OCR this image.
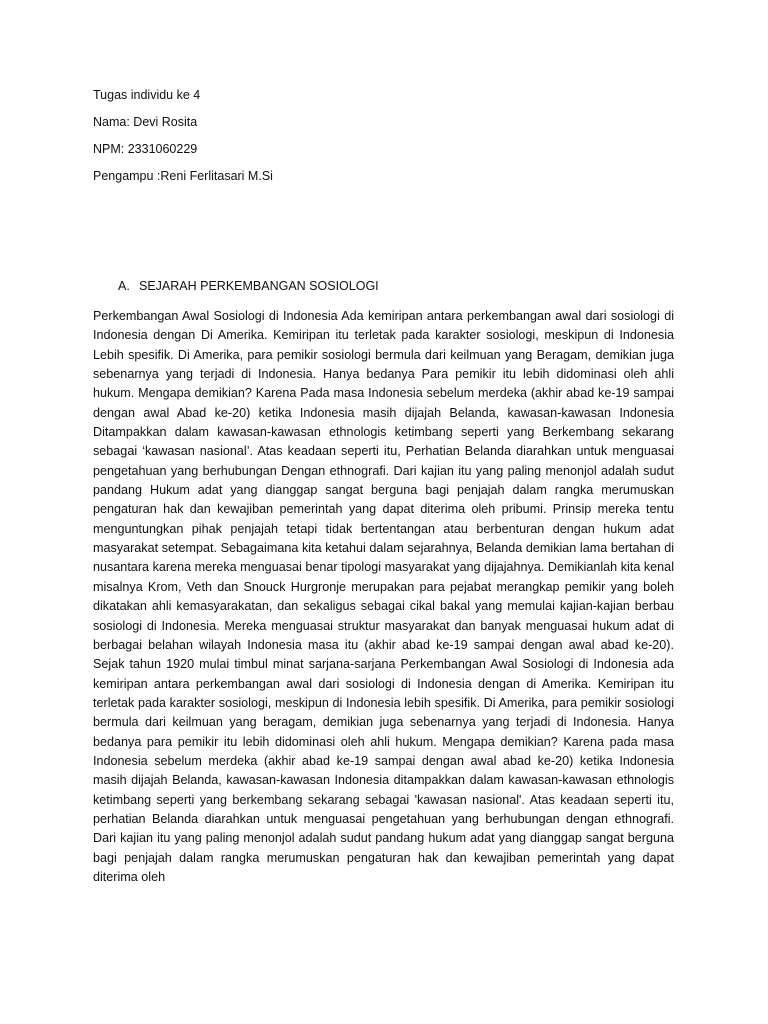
Tugas individu ke 4
Nama: Devi Rosita
NPM: 2331060229
Pengampu :Reni Ferlitasari M.Si
A. SEJARAH PERKEMBANGAN SOSIOLOGI

Perkembangan Awal Sosiologi di Indonesia Ada kemiripan antara perkembangan awal dari sosiologi di Indonesia dengan Di Amerika. Kemiripan itu terletak pada karakter sosiologi, meskipun di Indonesia Lebih spesifik. Di Amerika, para pemikir sosiologi bermula dari keilmuan yang Beragam, demikian juga sebenarnya yang terjadi di Indonesia. Hanya bedanya Para pemikir itu lebih didominasi oleh ahli hukum. Mengapa demikian? Karena Pada masa Indonesia sebelum merdeka (akhir abad ke-19 sampai dengan awal Abad ke-20) ketika Indonesia masih dijajah Belanda, kawasan-kawasan Indonesia Ditampakkan dalam kawasan-kawasan ethnologis ketimbang seperti yang Berkembang sekarang sebagai ‘kawasan nasional’. Atas keadaan seperti itu, Perhatian Belanda diarahkan untuk menguasai pengetahuan yang berhubungan Dengan ethnografi. Dari kajian itu yang paling menonjol adalah sudut pandang Hukum adat yang dianggap sangat berguna bagi penjajah dalam rangka merumuskan pengaturan hak dan kewajiban pemerintah yang dapat diterima oleh pribumi. Prinsip mereka tentu menguntungkan pihak penjajah tetapi tidak bertentangan atau berbenturan dengan hukum adat masyarakat setempat. Sebagaimana kita ketahui dalam sejarahnya, Belanda demikian lama bertahan di nusantara karena mereka menguasai benar tipologi masyarakat yang dijajahnya. Demikianlah kita kenal misalnya Krom, Veth dan Snouck Hurgronje merupakan para pejabat merangkap pemikir yang boleh dikatakan ahli kemasyarakatan, dan sekaligus sebagai cikal bakal yang memulai kajian-kajian berbau sosiologi di Indonesia. Mereka menguasai struktur masyarakat dan banyak menguasai hukum adat di berbagai belahan wilayah Indonesia masa itu (akhir abad ke-19 sampai dengan awal abad ke-20). Sejak tahun 1920 mulai timbul minat sarjana-sarjana Perkembangan Awal Sosiologi di Indonesia ada kemiripan antara perkembangan awal dari sosiologi di Indonesia dengan di Amerika. Kemiripan itu terletak pada karakter sosiologi, meskipun di Indonesia lebih spesifik. Di Amerika, para pemikir sosiologi bermula dari keilmuan yang beragam, demikian juga sebenarnya yang terjadi di Indonesia. Hanya bedanya para pemikir itu lebih didominasi oleh ahli hukum. Mengapa demikian? Karena pada masa Indonesia sebelum merdeka (akhir abad ke-19 sampai dengan awal abad ke-20) ketika Indonesia masih dijajah Belanda, kawasan-kawasan Indonesia ditampakkan dalam kawasan-kawasan ethnologis ketimbang seperti yang berkembang sekarang sebagai 'kawasan nasional'. Atas keadaan seperti itu, perhatian Belanda diarahkan untuk menguasai pengetahuan yang berhubungan dengan ethnografi. Dari kajian itu yang paling menonjol adalah sudut pandang hukum adat yang dianggap sangat berguna bagi penjajah dalam rangka merumuskan pengaturan hak dan kewajiban pemerintah yang dapat diterima oleh
